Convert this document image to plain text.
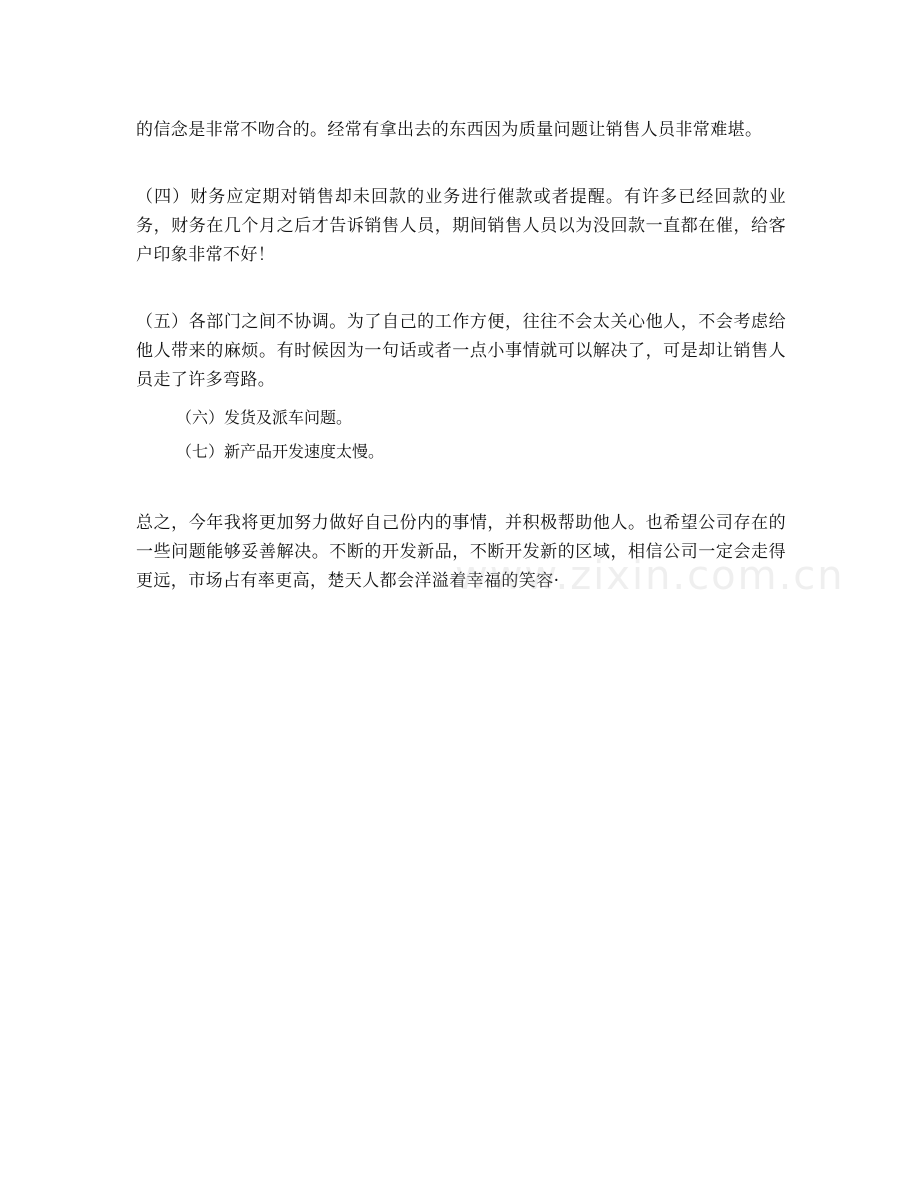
的信念是非常不吻合的。经常有拿出去的东西因为质量问题让销售人员非常难堪。

（四）财务应定期对销售却未回款的业务进行催款或者提醒。有许多已经回款的业务，财务在几个月之后才告诉销售人员，期间销售人员以为没回款一直都在催，给客户印象非常不好！

（五）各部门之间不协调。为了自己的工作方便，往往不会太关心他人，不会考虑给他人带来的麻烦。有时候因为一句话或者一点小事情就可以解决了，可是却让销售人员走了许多弯路。

（六）发货及派车问题。

（七）新产品开发速度太慢。

总之，今年我将更加努力做好自己份内的事情，并积极帮助他人。也希望公司存在的一些问题能够妥善解决。不断的开发新品，不断开发新的区域，相信公司一定会走得更远，市场占有率更高，楚天人都会洋溢着幸福的笑容·

www.zixin.com.cn
